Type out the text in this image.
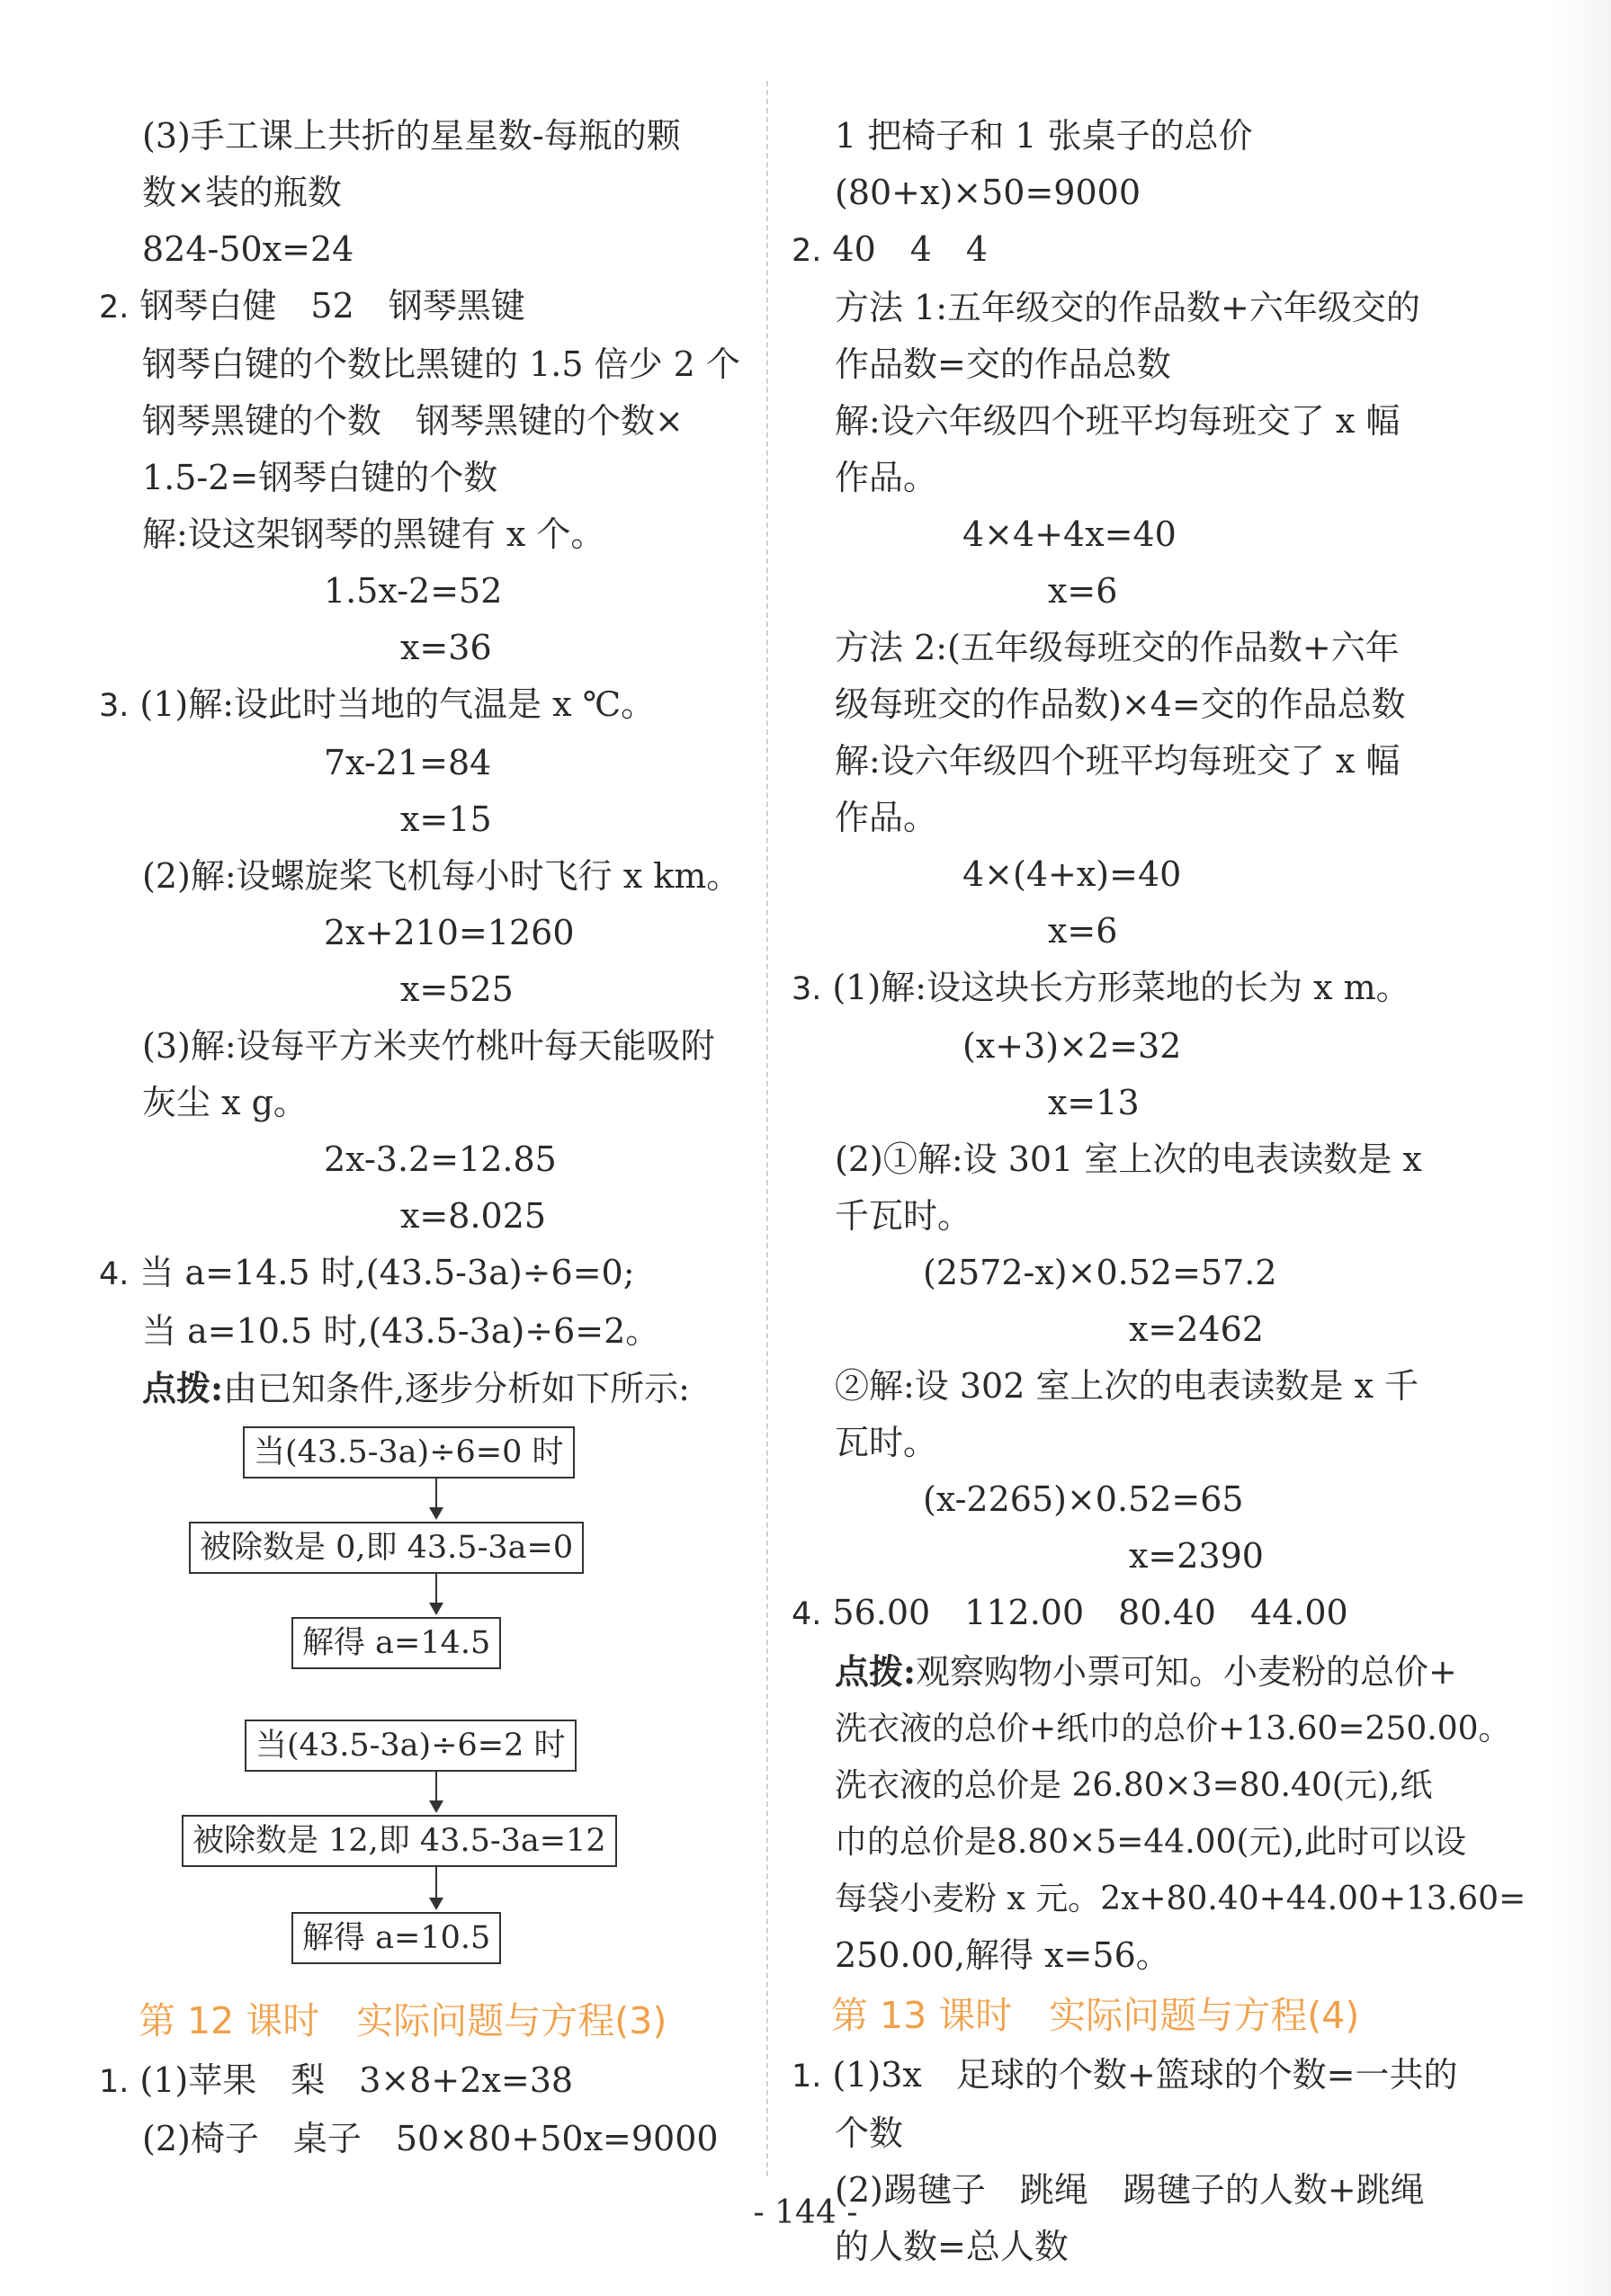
(3)手工课上共折的星星数-每瓶的颗
数×装的瓶数
824-50x=24
2. 钢琴白健　52　钢琴黑键
钢琴白键的个数比黑键的 1.5 倍少 2 个
钢琴黑键的个数　钢琴黑键的个数×
1.5-2=钢琴白键的个数
解:设这架钢琴的黑键有 x 个。
1.5x-2=52
x=36
3. (1)解:设此时当地的气温是 x ℃。
7x-21=84
x=15
(2)解:设螺旋桨飞机每小时飞行 x km。
2x+210=1260
x=525
(3)解:设每平方米夹竹桃叶每天能吸附
灰尘 x g。
2x-3.2=12.85
x=8.025
4. 当 a=14.5 时,(43.5-3a)÷6=0;
当 a=10.5 时,(43.5-3a)÷6=2。
点拨:由已知条件,逐步分析如下所示:
当(43.5-3a)÷6=0 时
被除数是 0,即 43.5-3a=0
解得 a=14.5
当(43.5-3a)÷6=2 时
被除数是 12,即 43.5-3a=12
解得 a=10.5
第 12 课时　实际问题与方程(3)
1. (1)苹果　梨　3×8+2x=38
(2)椅子　桌子　50×80+50x=9000
1 把椅子和 1 张桌子的总价
(80+x)×50=9000
2. 40　4　4
方法 1:五年级交的作品数+六年级交的
作品数=交的作品总数
解:设六年级四个班平均每班交了 x 幅
作品。
4×4+4x=40
x=6
方法 2:(五年级每班交的作品数+六年
级每班交的作品数)×4=交的作品总数
解:设六年级四个班平均每班交了 x 幅
作品。
4×(4+x)=40
x=6
3. (1)解:设这块长方形菜地的长为 x m。
(x+3)×2=32
x=13
(2)①解:设 301 室上次的电表读数是 x
千瓦时。
(2572-x)×0.52=57.2
x=2462
②解:设 302 室上次的电表读数是 x 千
瓦时。
(x-2265)×0.52=65
x=2390
4. 56.00　112.00　80.40　44.00
点拨:观察购物小票可知。小麦粉的总价+
洗衣液的总价+纸巾的总价+13.60=250.00。
洗衣液的总价是 26.80×3=80.40(元),纸
巾的总价是8.80×5=44.00(元),此时可以设
每袋小麦粉 x 元。2x+80.40+44.00+13.60=
250.00,解得 x=56。
第 13 课时　实际问题与方程(4)
1. (1)3x　足球的个数+篮球的个数=一共的
个数
(2)踢毽子　跳绳　踢毽子的人数+跳绳
的人数=总人数
- 144 -
